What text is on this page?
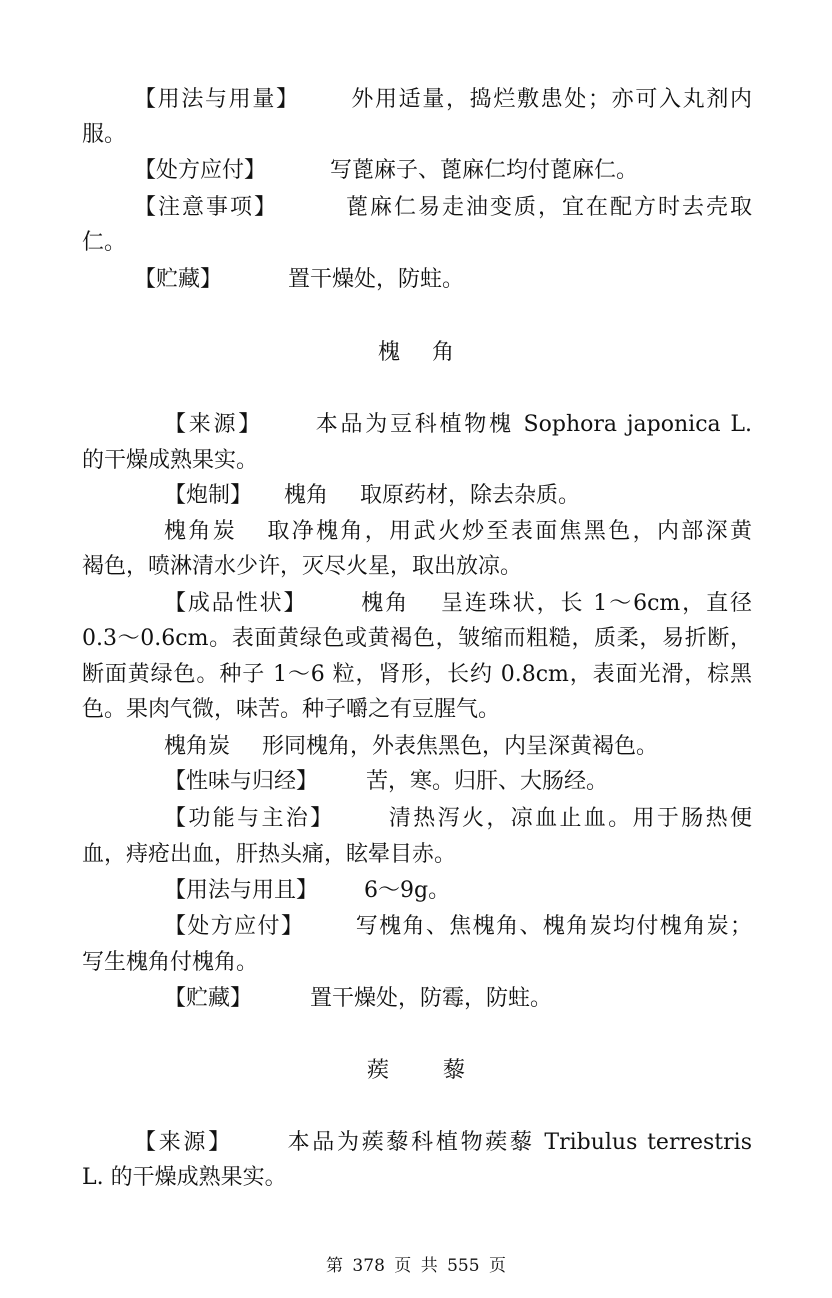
【用法与用量】 外用适量，捣烂敷患处；亦可入丸剂内
服。
【处方应付】	写蓖麻子、蓖麻仁均付蓖麻仁。
【注意事项】	蓖麻仁易走油变质，宜在配方时去壳取
仁。
【贮藏】	置干燥处，防蛀。
槐角
【来源】 本品为豆科植物槐 Sophora japonica L.
的干燥成熟果实。
【炮制】 槐角 取原药材，除去杂质。
槐角炭 取净槐角，用武火炒至表面焦黑色，内部深黄
褐色，喷淋清水少许，灭尽火星，取出放凉。
【成品性状】 槐角 呈连珠状，长 1～6cm，直径
0.3～0.6cm。表面黄绿色或黄褐色，皱缩而粗糙，质柔，易折断，
断面黄绿色。种子 1～6 粒，肾形，长约 0.8cm，表面光滑，棕黑
色。果肉气微，味苦。种子嚼之有豆腥气。
槐角炭 形同槐角，外表焦黑色，内呈深黄褐色。
【性味与归经】 苦，寒。归肝、大肠经。
【功能与主治】 清热泻火，凉血止血。用于肠热便
血，痔疮出血，肝热头痛，眩晕目赤。
【用法与用且】 6～9g。
【处方应付】 写槐角、焦槐角、槐角炭均付槐角炭；
写生槐角付槐角。
【贮藏】	置干燥处，防霉，防蛀。
蒺藜
【来源】 本品为蒺藜科植物蒺藜 Tribulus terrestris
L. 的干燥成熟果实。
第 378 页 共 555 页
